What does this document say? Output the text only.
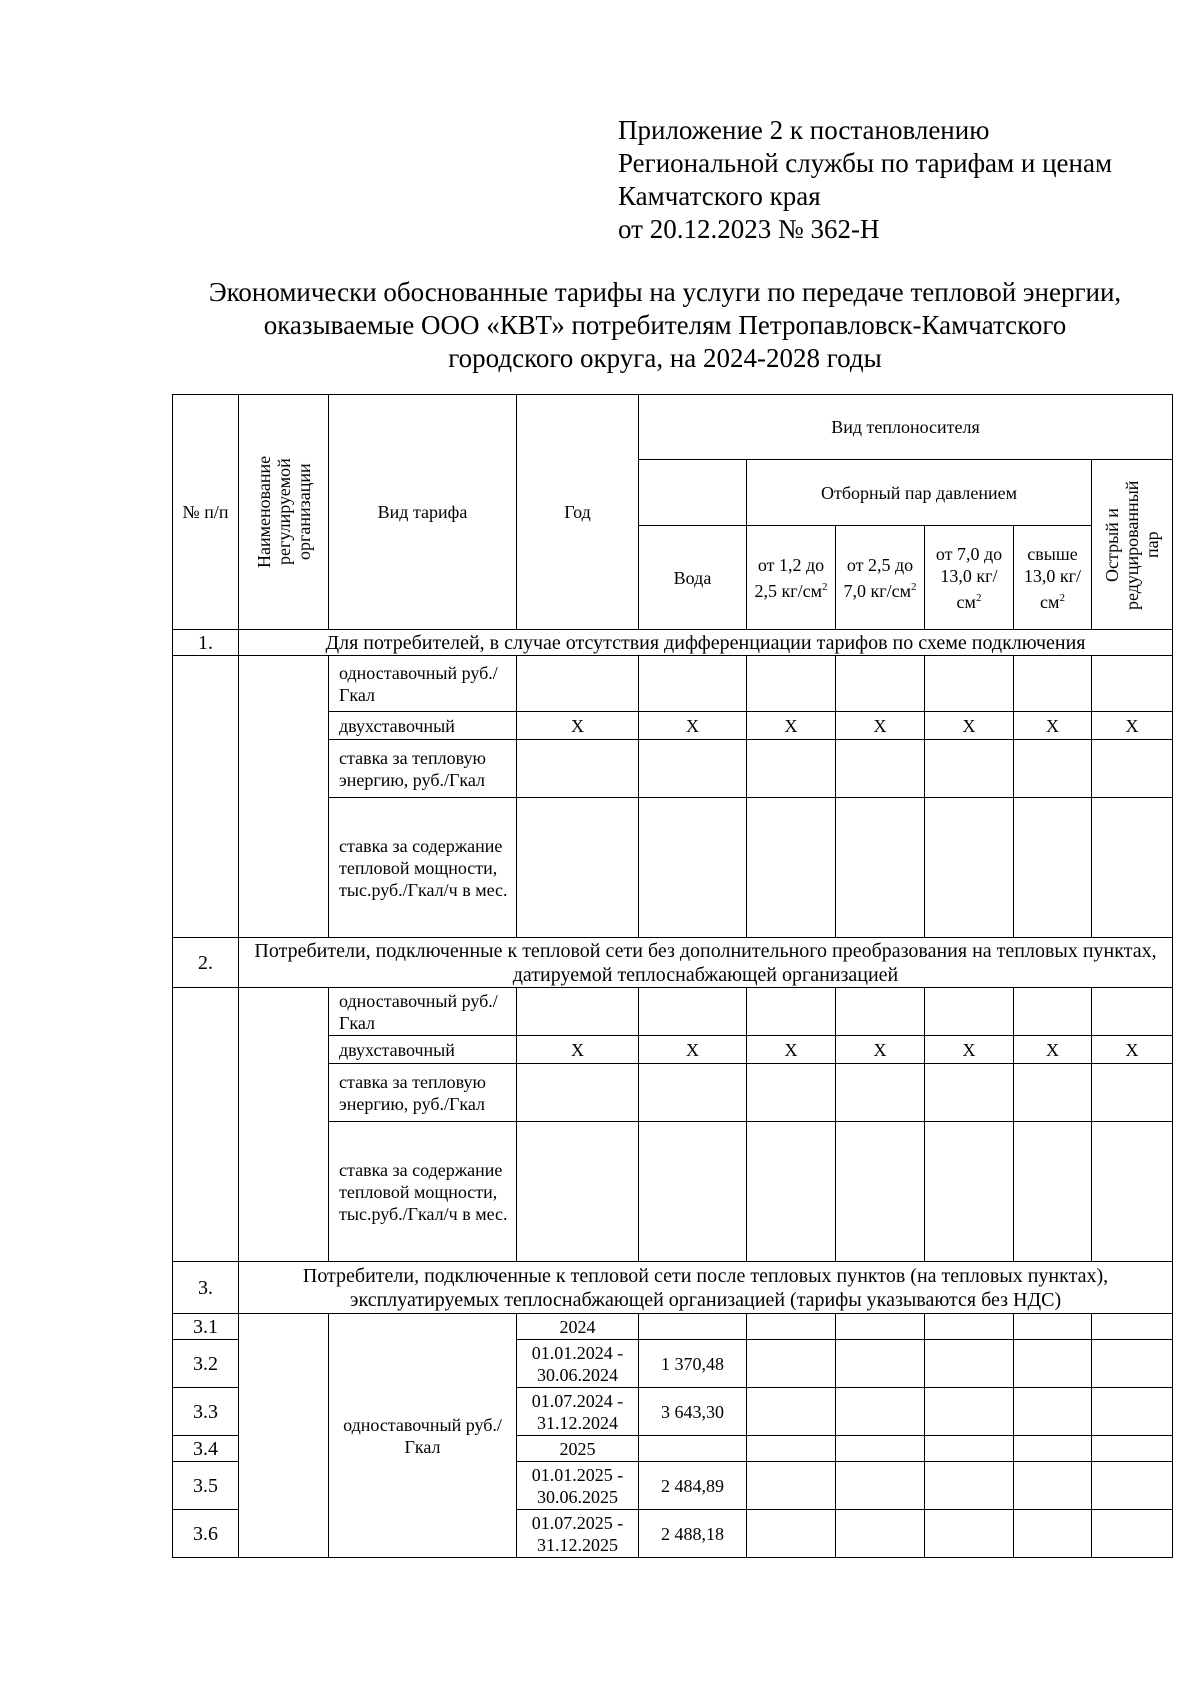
Приложение 2 к постановлению
Региональной службы по тарифам и ценам
Камчатского края
от 20.12.2023 № 362-Н
Экономически обоснованные тарифы на услуги по передаче тепловой энергии,
оказываемые ООО «КВТ» потребителям Петропавловск-Камчатского
городского округа, на 2024-2028 годы
№ п/п	Наименование регулируемой организации	Вид тарифа	Год	Вид теплоносителя					
					Отборный пар давлением				Острый и редуцированный пар

				Вода	от 1,2 до 2,5 $кг/см^2$	от 2,5 до 7,0 $кг/см^2$	от 7,0 до 13,0 $кг/см^2$	свыше 13,0 $кг/см^2$
1.	Для потребителей, в случае отсутствия дифференциации тарифов по схеме подключения								
		одноставочный руб./Гкал							
		двухставочный	Х	Х	Х	Х	Х	Х	Х
		ставка за тепловую энергию, руб./Гкал							
		ставка за содержание тепловой мощности, тыс.руб./Гкал/ч в мес.							
2.	Потребители, подключенные к тепловой сети без дополнительного преобразования на тепловых пунктах, датируемой теплоснабжающей организацией								
		одноставочный руб./Гкал							
		двухставочный	Х	Х	Х	Х	Х	Х	Х
		ставка за тепловую энергию, руб./Гкал							
		ставка за содержание тепловой мощности, тыс.руб./Гкал/ч в мес.							
3.	Потребители, подключенные к тепловой сети после тепловых пунктов (на тепловых пунктах), эксплуатируемых теплоснабжающей организацией (тарифы указываются без НДС)								
3.1		одноставочный руб./Гкал	2024						
3.2			01.01.2024 - 30.06.2024	1 370,48					
3.3			01.07.2024 - 31.12.2024	3 643,30					
3.4			2025						
3.5			01.01.2025 - 30.06.2025	2 484,89					
3.6			01.07.2025 - 31.12.2025	2 488,18					
